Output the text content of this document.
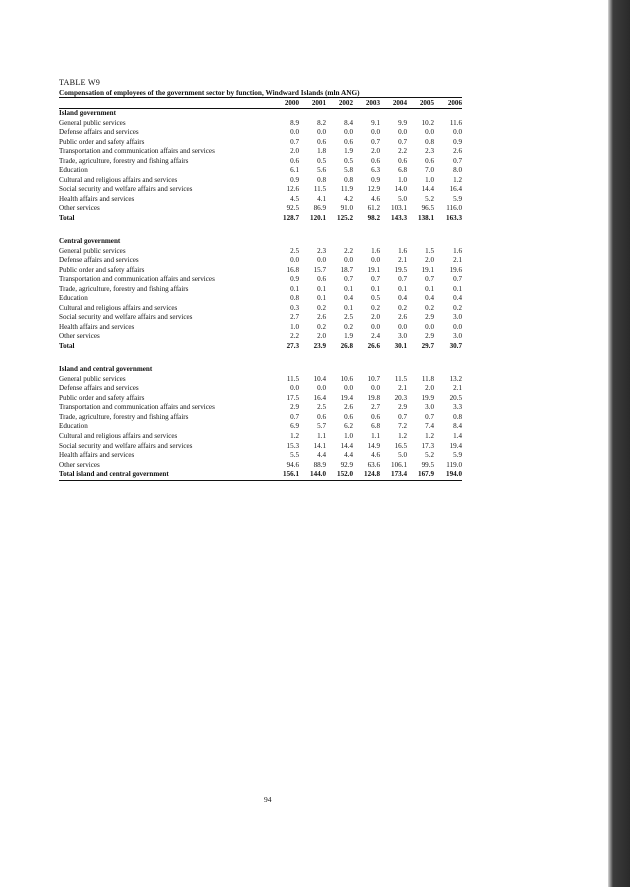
TABLE W9
Compensation of employees of the government sector by function, Windward Islands (mln ANG)
	2000	2001	2002	2003	2004	2005	2006
Island government							
General public services	8.9	8.2	8.4	9.1	9.9	10.2	11.6
Defense affairs and services	0.0	0.0	0.0	0.0	0.0	0.0	0.0
Public order and safety affairs	0.7	0.6	0.6	0.7	0.7	0.8	0.9
Transportation and communication affairs and services	2.0	1.8	1.9	2.0	2.2	2.3	2.6
Trade, agriculture, forestry and fishing affairs	0.6	0.5	0.5	0.6	0.6	0.6	0.7
Education	6.1	5.6	5.8	6.3	6.8	7.0	8.0
Cultural and religious affairs and services	0.9	0.8	0.8	0.9	1.0	1.0	1.2
Social security and welfare affairs and services	12.6	11.5	11.9	12.9	14.0	14.4	16.4
Health affairs and services	4.5	4.1	4.2	4.6	5.0	5.2	5.9
Other services	92.5	86.9	91.0	61.2	103.1	96.5	116.0
Total	128.7	120.1	125.2	98.2	143.3	138.1	163.3

Central government							
General public services	2.5	2.3	2.2	1.6	1.6	1.5	1.6
Defense affairs and services	0.0	0.0	0.0	0.0	2.1	2.0	2.1
Public order and safety affairs	16.8	15.7	18.7	19.1	19.5	19.1	19.6
Transportation and communication affairs and services	0.9	0.6	0.7	0.7	0.7	0.7	0.7
Trade, agriculture, forestry and fishing affairs	0.1	0.1	0.1	0.1	0.1	0.1	0.1
Education	0.8	0.1	0.4	0.5	0.4	0.4	0.4
Cultural and religious affairs and services	0.3	0.2	0.1	0.2	0.2	0.2	0.2
Social security and welfare affairs and services	2.7	2.6	2.5	2.0	2.6	2.9	3.0
Health affairs and services	1.0	0.2	0.2	0.0	0.0	0.0	0.0
Other services	2.2	2.0	1.9	2.4	3.0	2.9	3.0
Total	27.3	23.9	26.8	26.6	30.1	29.7	30.7

Island and central government							
General public services	11.5	10.4	10.6	10.7	11.5	11.8	13.2
Defense affairs and services	0.0	0.0	0.0	0.0	2.1	2.0	2.1
Public order and safety affairs	17.5	16.4	19.4	19.8	20.3	19.9	20.5
Transportation and communication affairs and services	2.9	2.5	2.6	2.7	2.9	3.0	3.3
Trade, agriculture, forestry and fishing affairs	0.7	0.6	0.6	0.6	0.7	0.7	0.8
Education	6.9	5.7	6.2	6.8	7.2	7.4	8.4
Cultural and religious affairs and services	1.2	1.1	1.0	1.1	1.2	1.2	1.4
Social security and welfare affairs and services	15.3	14.1	14.4	14.9	16.5	17.3	19.4
Health affairs and services	5.5	4.4	4.4	4.6	5.0	5.2	5.9
Other services	94.6	88.9	92.9	63.6	106.1	99.5	119.0
Total island and central government	156.1	144.0	152.0	124.8	173.4	167.9	194.0
94
